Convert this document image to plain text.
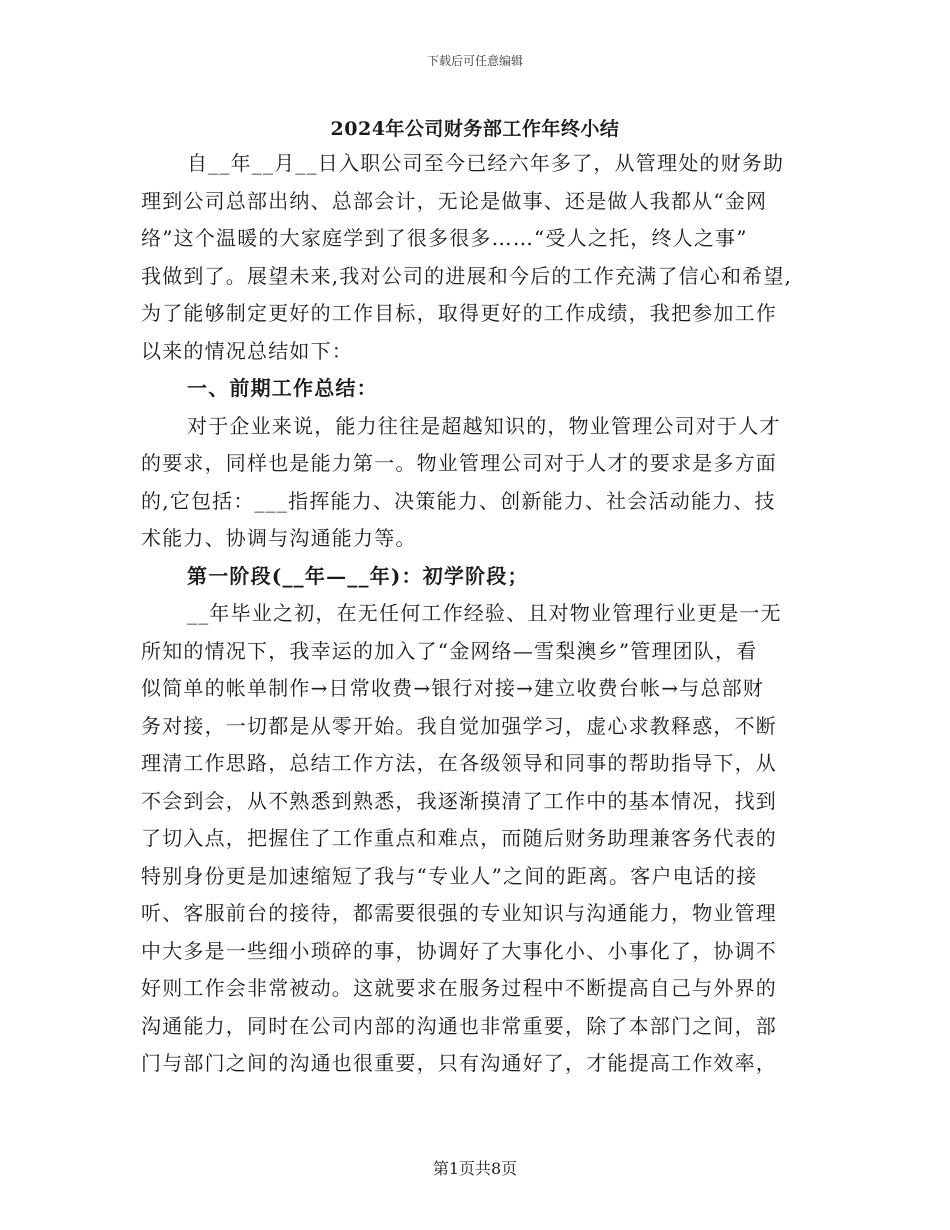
下载后可任意编辑
2024年公司财务部工作年终小结
自__年__月__日入职公司至今已经六年多了，从管理处的财务助
理到公司总部出纳、总部会计，无论是做事、还是做人我都从“金网
络”这个温暖的大家庭学到了很多很多……“受人之托，终人之事”
我做到了。展望未来,我对公司的进展和今后的工作充满了信心和希望,
为了能够制定更好的工作目标，取得更好的工作成绩，我把参加工作
以来的情况总结如下：
一、前期工作总结：
对于企业来说，能力往往是超越知识的，物业管理公司对于人才
的要求，同样也是能力第一。物业管理公司对于人才的要求是多方面
的,它包括：___指挥能力、决策能力、创新能力、社会活动能力、技
术能力、协调与沟通能力等。
第一阶段(__年—__年)：初学阶段；
__年毕业之初，在无任何工作经验、且对物业管理行业更是一无
所知的情况下，我幸运的加入了“金网络—雪梨澳乡”管理团队，看
似简单的帐单制作→日常收费→银行对接→建立收费台帐→与总部财
务对接，一切都是从零开始。我自觉加强学习，虚心求教释惑，不断
理清工作思路，总结工作方法，在各级领导和同事的帮助指导下，从
不会到会，从不熟悉到熟悉，我逐渐摸清了工作中的基本情况，找到
了切入点，把握住了工作重点和难点，而随后财务助理兼客务代表的
特别身份更是加速缩短了我与“专业人”之间的距离。客户电话的接
听、客服前台的接待，都需要很强的专业知识与沟通能力，物业管理
中大多是一些细小琐碎的事，协调好了大事化小、小事化了，协调不
好则工作会非常被动。这就要求在服务过程中不断提高自己与外界的
沟通能力，同时在公司内部的沟通也非常重要，除了本部门之间，部
门与部门之间的沟通也很重要，只有沟通好了，才能提高工作效率，
第1页共8页
